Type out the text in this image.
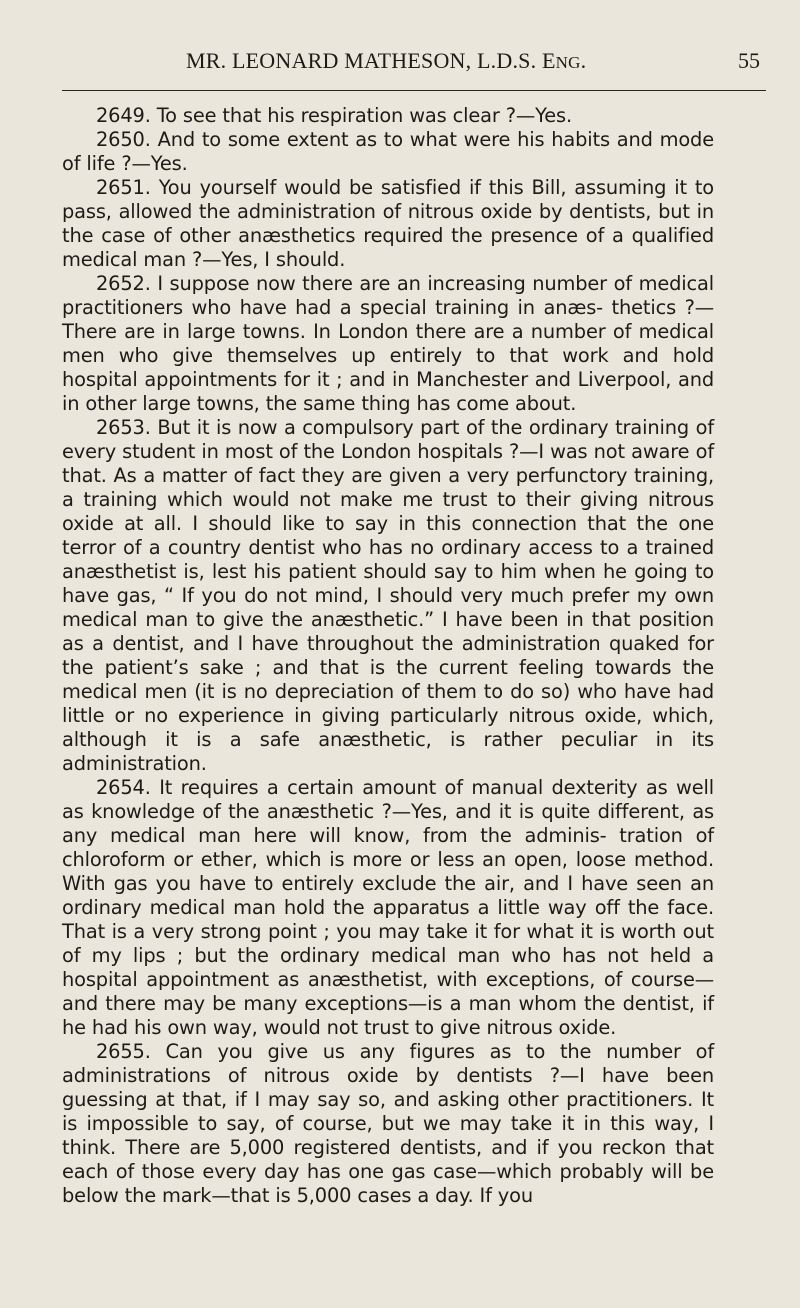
MR. LEONARD MATHESON, L.D.S. ENG.	55

2649. To see that his respiration was clear ?—Yes.

2650. And to some extent as to what were his habits and mode of life ?—Yes.

2651. You yourself would be satisfied if this Bill, assuming it to pass, allowed the administration of nitrous oxide by dentists, but in the case of other anæsthetics required the presence of a qualified medical man ?—Yes, I should.

2652. I suppose now there are an increasing number of medical practitioners who have had a special training in anæs- thetics ?—There are in large towns. In London there are a number of medical men who give themselves up entirely to that work and hold hospital appointments for it ; and in Manchester and Liverpool, and in other large towns, the same thing has come about.

2653. But it is now a compulsory part of the ordinary training of every student in most of the London hospitals ?—I was not aware of that. As a matter of fact they are given a very perfunctory training, a training which would not make me trust to their giving nitrous oxide at all. I should like to say in this connection that the one terror of a country dentist who has no ordinary access to a trained anæsthetist is, lest his patient should say to him when he going to have gas, “ If you do not mind, I should very much prefer my own medical man to give the anæsthetic.” I have been in that position as a dentist, and I have throughout the administration quaked for the patient’s sake ; and that is the current feeling towards the medical men (it is no depreciation of them to do so) who have had little or no experience in giving particularly nitrous oxide, which, although it is a safe anæsthetic, is rather peculiar in its administration.

2654. It requires a certain amount of manual dexterity as well as knowledge of the anæsthetic ?—Yes, and it is quite different, as any medical man here will know, from the adminis- tration of chloroform or ether, which is more or less an open, loose method. With gas you have to entirely exclude the air, and I have seen an ordinary medical man hold the apparatus a little way off the face. That is a very strong point ; you may take it for what it is worth out of my lips ; but the ordinary medical man who has not held a hospital appointment as anæsthetist, with exceptions, of course—and there may be many exceptions—is a man whom the dentist, if he had his own way, would not trust to give nitrous oxide.

2655. Can you give us any figures as to the number of administrations of nitrous oxide by dentists ?—I have been guessing at that, if I may say so, and asking other practitioners. It is impossible to say, of course, but we may take it in this way, I think. There are 5,000 registered dentists, and if you reckon that each of those every day has one gas case—which probably will be below the mark—that is 5,000 cases a day. If you
